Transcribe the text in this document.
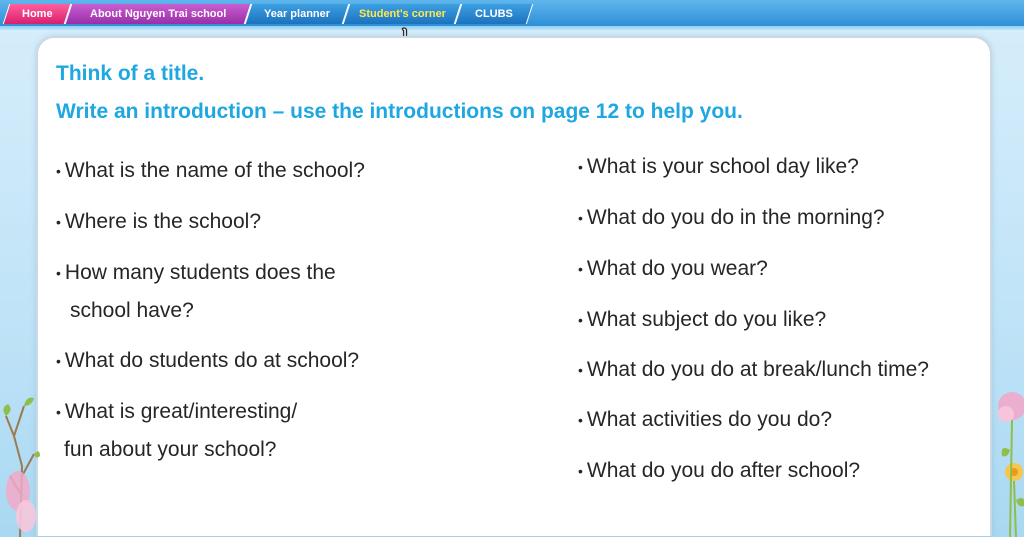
Home	About Nguyen Trai school	Year planner	Student's corner	CLUBS
Think of a title.
Write an introduction – use the introductions on page 12 to help you.
• What is the name of the school?
• Where is the school?
• How many students does the
school have?
• What do students do at school?
• What is great/interesting/
fun about your school?
• What is your school day like?
• What do you do in the morning?
• What do you wear?
• What subject do you like?
• What do you do at break/lunch time?
• What activities do you do?
• What do you do after school?
